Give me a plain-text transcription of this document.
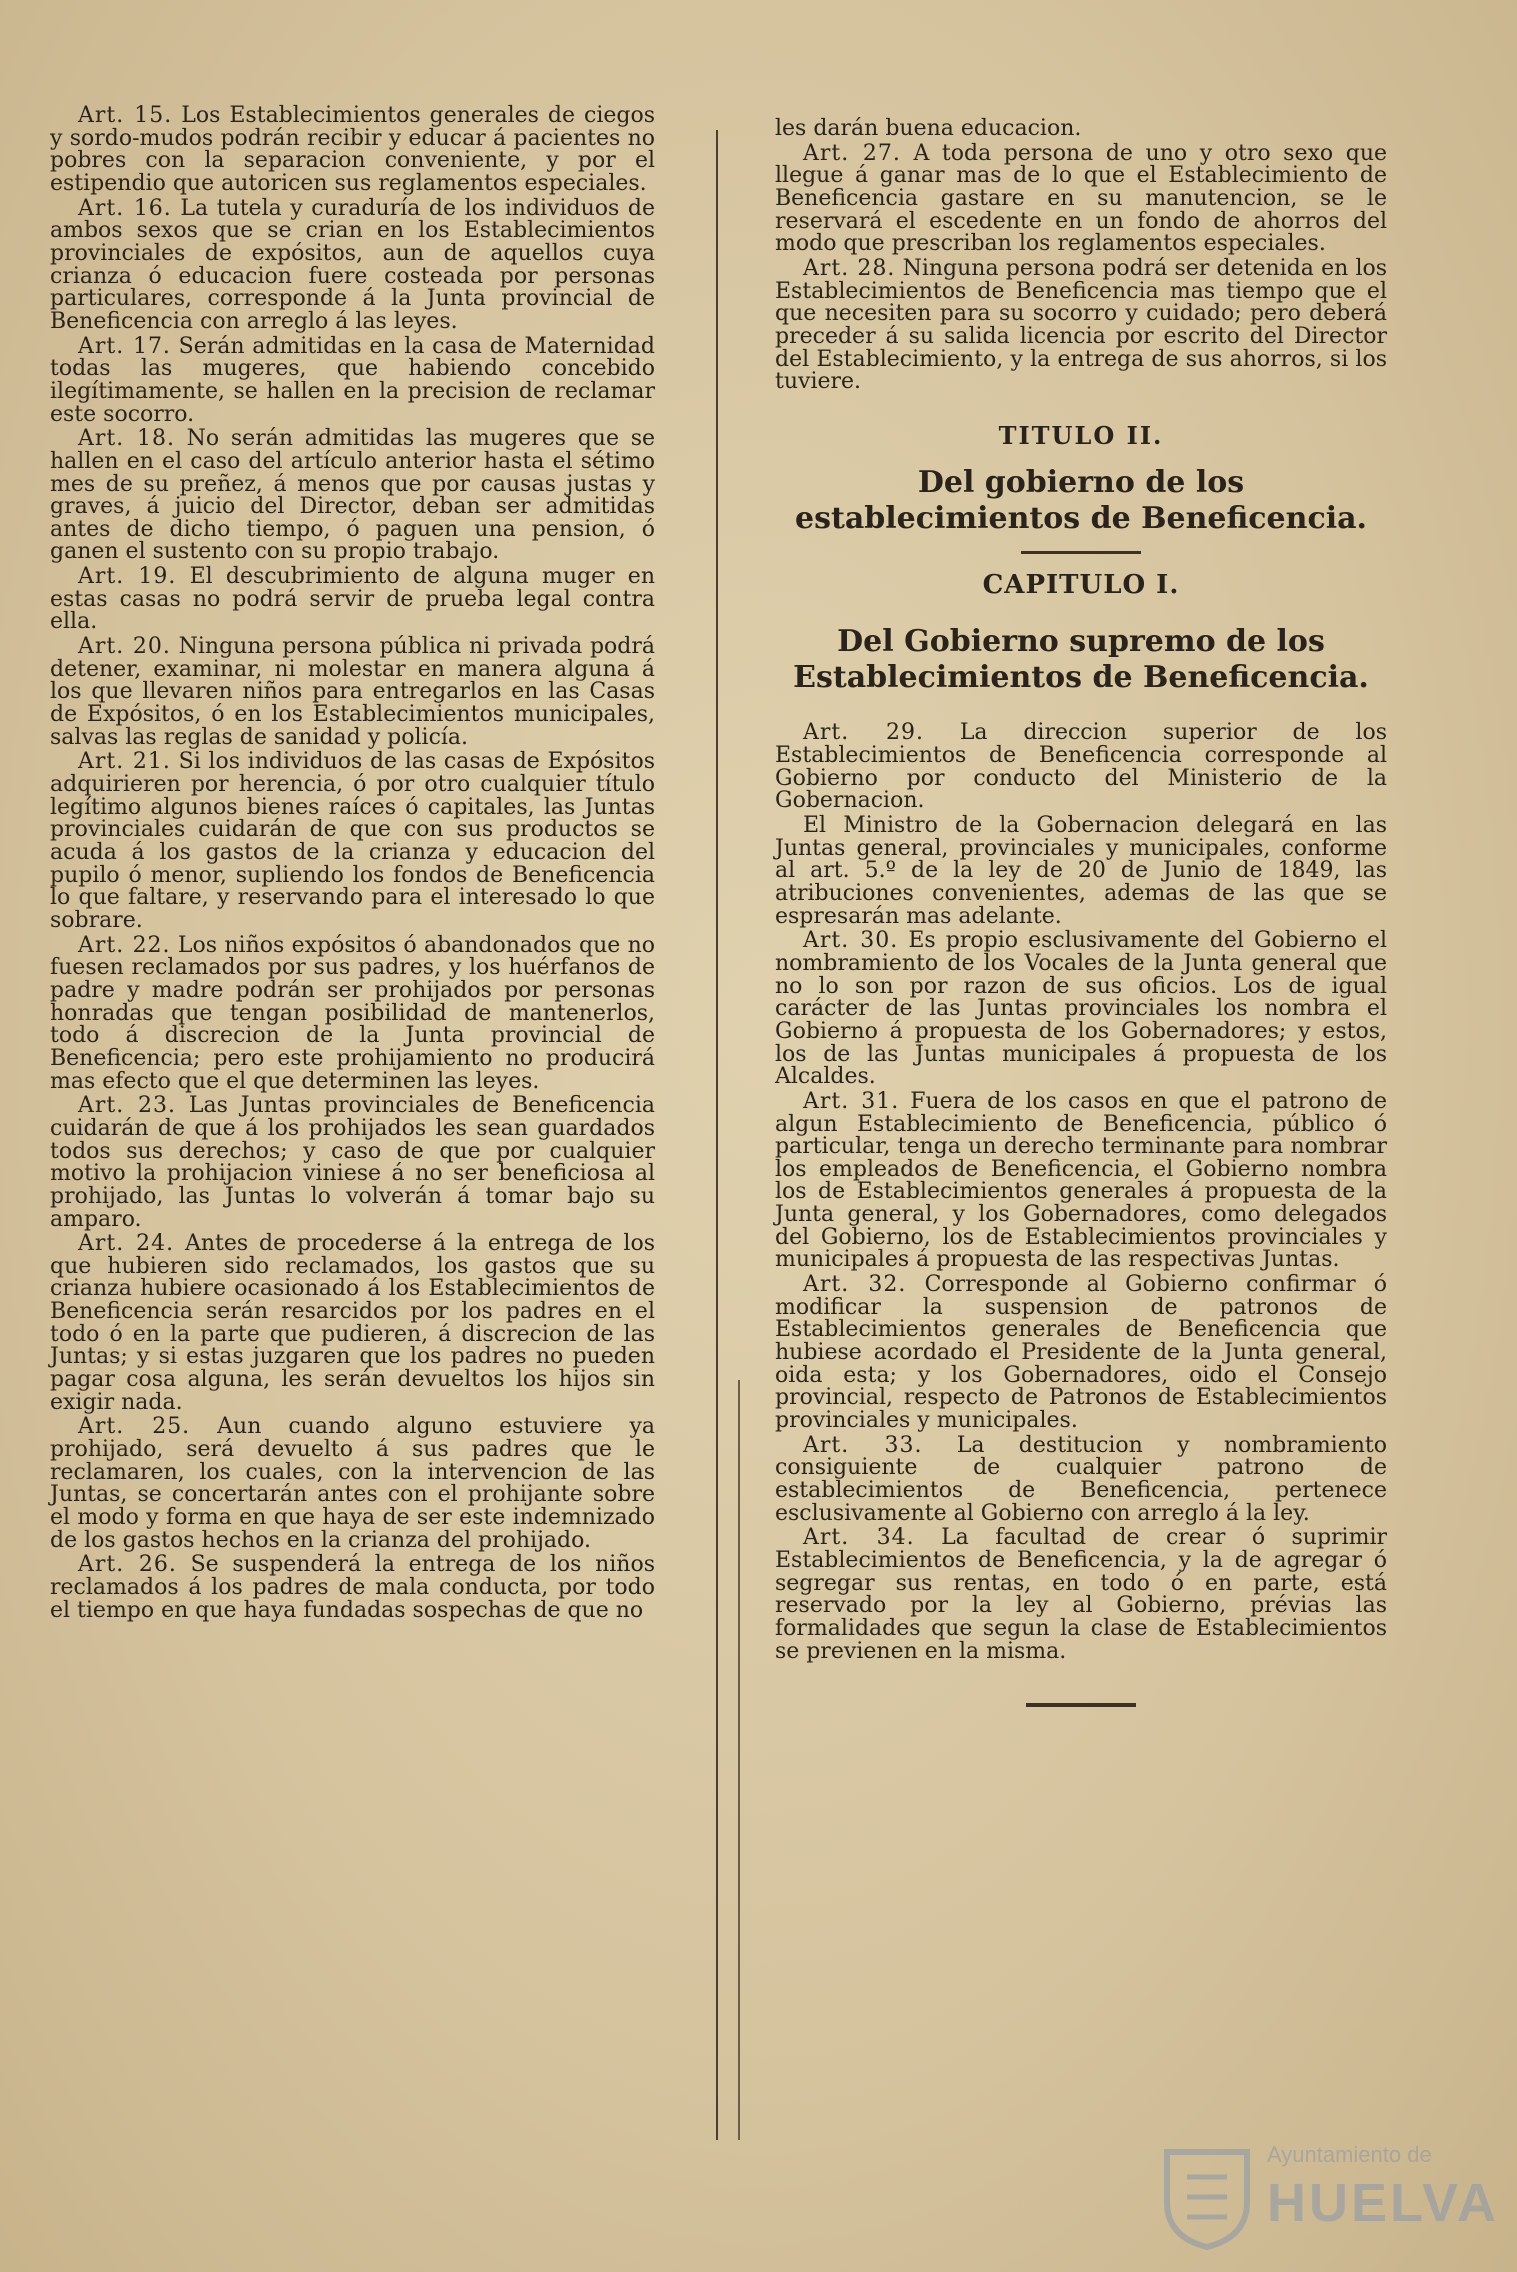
Art. 15. Los Establecimientos generales de ciegos y sordo-mudos podrán recibir y educar á pacientes no pobres con la separacion conveniente, y por el estipendio que autoricen sus reglamentos especiales.

Art. 16. La tutela y curaduría de los individuos de ambos sexos que se crian en los Establecimientos provinciales de expósitos, aun de aquellos cuya crianza ó educacion fuere costeada por personas particulares, corresponde á la Junta provincial de Beneficencia con arreglo á las leyes.

Art. 17. Serán admitidas en la casa de Maternidad todas las mugeres, que habiendo concebido ilegítimamente, se hallen en la precision de reclamar este socorro.

Art. 18. No serán admitidas las mugeres que se hallen en el caso del artículo anterior hasta el sétimo mes de su preñez, á menos que por causas justas y graves, á juicio del Director, deban ser admitidas antes de dicho tiempo, ó paguen una pension, ó ganen el sustento con su propio trabajo.

Art. 19. El descubrimiento de alguna muger en estas casas no podrá servir de prueba legal contra ella.

Art. 20. Ninguna persona pública ni privada podrá detener, examinar, ni molestar en manera alguna á los que llevaren niños para entregarlos en las Casas de Expósitos, ó en los Establecimientos municipales, salvas las reglas de sanidad y policía.

Art. 21. Si los individuos de las casas de Expósitos adquirieren por herencia, ó por otro cualquier título legítimo algunos bienes raíces ó capitales, las Juntas provinciales cuidarán de que con sus productos se acuda á los gastos de la crianza y educacion del pupilo ó menor, supliendo los fondos de Beneficencia lo que faltare, y reservando para el interesado lo que sobrare.

Art. 22. Los niños expósitos ó abandonados que no fuesen reclamados por sus padres, y los huérfanos de padre y madre podrán ser prohijados por personas honradas que tengan posibilidad de mantenerlos, todo á discrecion de la Junta provincial de Beneficencia; pero este prohijamiento no producirá mas efecto que el que determinen las leyes.

Art. 23. Las Juntas provinciales de Beneficencia cuidarán de que á los prohijados les sean guardados todos sus derechos; y caso de que por cualquier motivo la prohijacion viniese á no ser beneficiosa al prohijado, las Juntas lo volverán á tomar bajo su amparo.

Art. 24. Antes de procederse á la entrega de los que hubieren sido reclamados, los gastos que su crianza hubiere ocasionado á los Establecimientos de Beneficencia serán resarcidos por los padres en el todo ó en la parte que pudieren, á discrecion de las Juntas; y si estas juzgaren que los padres no pueden pagar cosa alguna, les serán devueltos los hijos sin exigir nada.

Art. 25. Aun cuando alguno estuviere ya prohijado, será devuelto á sus padres que le reclamaren, los cuales, con la intervencion de las Juntas, se concertarán antes con el prohijante sobre el modo y forma en que haya de ser este indemnizado de los gastos hechos en la crianza del prohijado.

Art. 26. Se suspenderá la entrega de los niños reclamados á los padres de mala conducta, por todo el tiempo en que haya fundadas sospechas de que no

les darán buena educacion.

Art. 27. A toda persona de uno y otro sexo que llegue á ganar mas de lo que el Establecimiento de Beneficencia gastare en su manutencion, se le reservará el escedente en un fondo de ahorros del modo que prescriban los reglamentos especiales.

Art. 28. Ninguna persona podrá ser detenida en los Establecimientos de Beneficencia mas tiempo que el que necesiten para su socorro y cuidado; pero deberá preceder á su salida licencia por escrito del Director del Establecimiento, y la entrega de sus ahorros, si los tuviere.

TITULO II.
Del gobierno de los establecimientos de Beneficencia.
CAPITULO I.
Del Gobierno supremo de los Establecimientos de Beneficencia.

Art. 29. La direccion superior de los Establecimientos de Beneficencia corresponde al Gobierno por conducto del Ministerio de la Gobernacion.

El Ministro de la Gobernacion delegará en las Juntas general, provinciales y municipales, conforme al art. 5.º de la ley de 20 de Junio de 1849, las atribuciones convenientes, ademas de las que se espresarán mas adelante.

Art. 30. Es propio esclusivamente del Gobierno el nombramiento de los Vocales de la Junta general que no lo son por razon de sus oficios. Los de igual carácter de las Juntas provinciales los nombra el Gobierno á propuesta de los Gobernadores; y estos, los de las Juntas municipales á propuesta de los Alcaldes.

Art. 31. Fuera de los casos en que el patrono de algun Establecimiento de Beneficencia, público ó particular, tenga un derecho terminante para nombrar los empleados de Beneficencia, el Gobierno nombra los de Establecimientos generales á propuesta de la Junta general, y los Gobernadores, como delegados del Gobierno, los de Establecimientos provinciales y municipales á propuesta de las respectivas Juntas.

Art. 32. Corresponde al Gobierno confirmar ó modificar la suspension de patronos de Establecimientos generales de Beneficencia que hubiese acordado el Presidente de la Junta general, oida esta; y los Gobernadores, oido el Consejo provincial, respecto de Patronos de Establecimientos provinciales y municipales.

Art. 33. La destitucion y nombramiento consiguiente de cualquier patrono de establecimientos de Beneficencia, pertenece esclusivamente al Gobierno con arreglo á la ley.

Art. 34. La facultad de crear ó suprimir Establecimientos de Beneficencia, y la de agregar ó segregar sus rentas, en todo ó en parte, está reservado por la ley al Gobierno, prévias las formalidades que segun la clase de Establecimientos se previenen en la misma.

Ayuntamiento de
HUELVA
